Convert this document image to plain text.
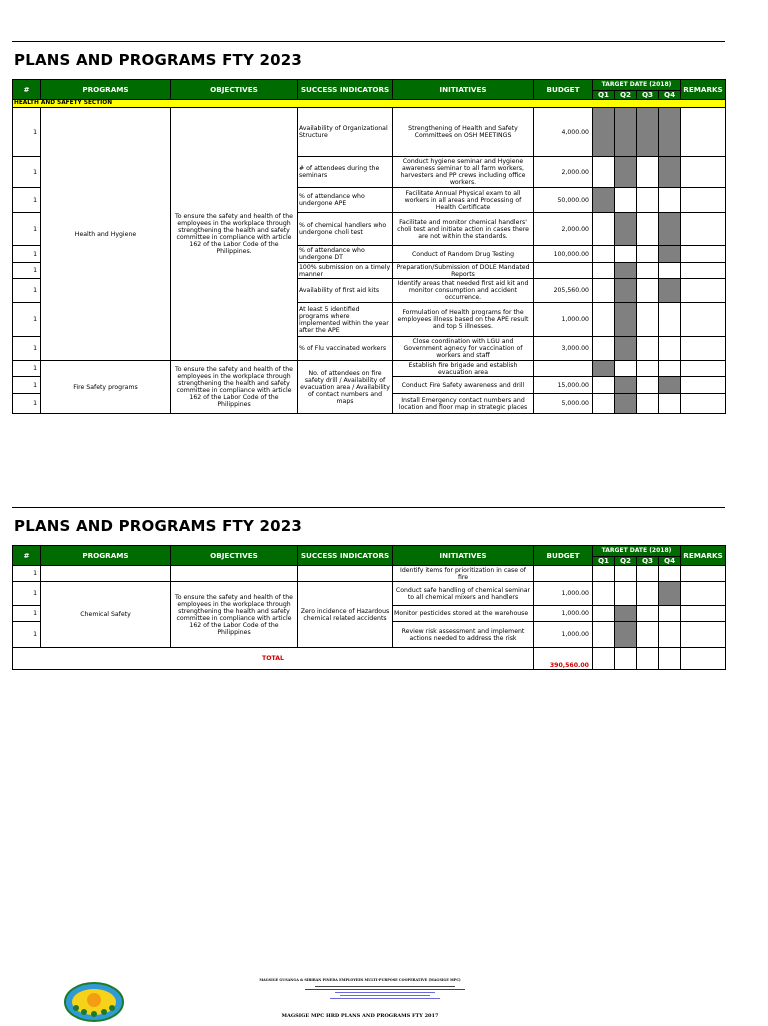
PLANS AND PROGRAMS FTY 2023
#	PROGRAMS	OBJECTIVES	SUCCESS INDICATORS	INITIATIVES	BUDGET	TARGET DATE (2018)				REMARKS
						Q1	Q2	Q3	Q4	
HEALTH AND SAFETY SECTION										
1	Health and Hygiene	To ensure the safety and health of the employees in the workplace through strengthening the health and safety committee in compliance with article 162 of the Labor Code of the Philippines.	Availability of Organizational Structure	Strengthening of Health and Safety Committees on OSH MEETINGS	4,000.00					
1			# of attendees during the seminars	Conduct hygiene seminar and Hygiene awareness seminar to all farm workers, harvesters and PP crews including office workers.	2,000.00					
1			% of attendance who undergone APE	Facilitate Annual Physical exam to all workers in all areas and Processing of Health Certificate	50,000.00					
1			% of chemical handlers who undergone choli test	Facilitate and monitor chemical handlers' choli test and initiate action in cases there are not within the standards.	2,000.00					
1			% of attendance who undergone DT	Conduct of Random Drug Testing	100,000.00					
1			100% submission on a timely manner	Preparation/Submission of DOLE Mandated Reports						
1			Availability of first aid kits	Identify areas that needed first aid kit and monitor consumption and accident occurrence.	205,560.00					
1			At least 5 identified programs where implemented within the year after the APE	Formulation of Health programs for the employees illness based on the APE result and top 5 illnesses.	1,000.00					
1			% of Flu vaccinated workers	Close coordination with LGU and Government agnecy for vaccination of workers and staff	3,000.00					
1	Fire Safety programs	To ensure the safety and health of the employees in the workplace through strengthening the health and safety committee in compliance with article 162 of the Labor Code of the Philippines	No. of attendees on fire safety drill / Availability of evacuation area / Availability of contact numbers and maps	Establish fire brigade and establish evacuation area						
1				Conduct Fire Safety awareness and drill	15,000.00					
1				Install Emergency contact numbers and location and floor map in strategic places	5,000.00					
PLANS AND PROGRAMS FTY 2023
#	PROGRAMS	OBJECTIVES	SUCCESS INDICATORS	INITIATIVES	BUDGET	TARGET DATE (2018)				REMARKS
						Q1	Q2	Q3	Q4	
1				Identify items for prioritization in case of fire						
1	Chemical Safety	To ensure the safety and health of the employees in the workplace through strengthening the health and safety committee in compliance with article 162 of the Labor Code of the Philippines	Zero incidence of Hazardous chemical related accidents	Conduct safe handling of chemical seminar to all chemical mixers and handlers	1,000.00					
1				Monitor pesticides stored at the warehouse	1,000.00					
1				Review risk assessment and implement actions needed to address the risk	1,000.00					
TOTAL					390,560.00					
MAGSIGE GUSANGA & SIBIRAN PINEDA EMPLOYEES MULTI-PURPOSE COOPERATIVE (MAGSIGE MPC)
MAGSIGE MPC HRD PLANS AND PROGRAMS FTY 2017
